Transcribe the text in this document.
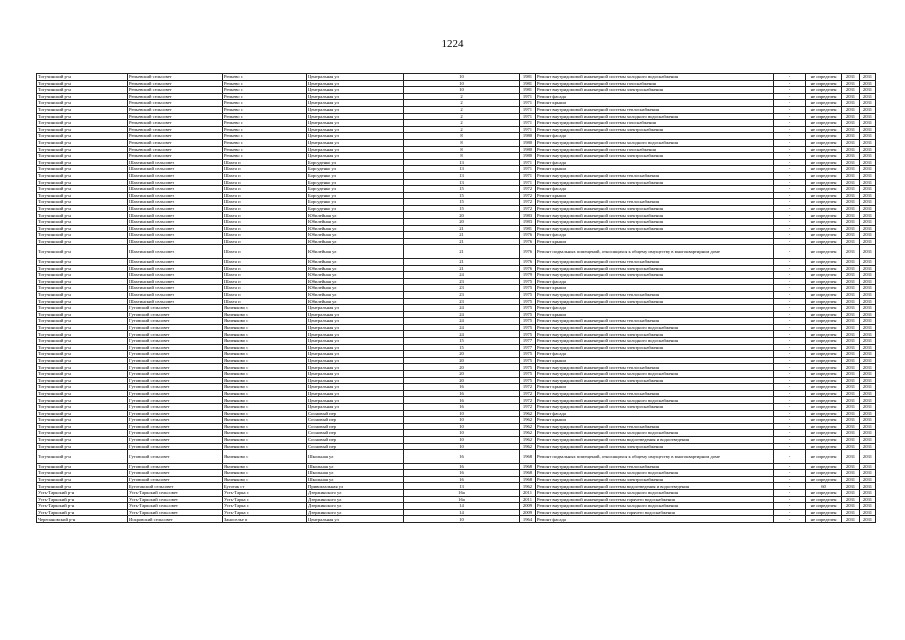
1224
Тогучинский р-н	Репьевский сельсовет	Репьево с	Центральная ул	10	1981	Ремонт внутридомовой инженерной системы холодного водоснабжения	-	не определен	2031	2031
Тогучинский р-н	Репьевский сельсовет	Репьево с	Центральная ул	10	1981	Ремонт внутридомовой инженерной системы газоснабжения	-	не определен	2031	2031
Тогучинский р-н	Репьевский сельсовет	Репьево с	Центральная ул	10	1981	Ремонт внутридомовой инженерной системы электроснабжения	-	не определен	2031	2031
Тогучинский р-н	Репьевский сельсовет	Репьево с	Центральная ул	2	1971	Ремонт фасада	-	не определен	2031	2031
Тогучинский р-н	Репьевский сельсовет	Репьево с	Центральная ул	2	1971	Ремонт крыши	-	не определен	2031	2031
Тогучинский р-н	Репьевский сельсовет	Репьево с	Центральная ул	2	1971	Ремонт внутридомовой инженерной системы теплоснабжения	-	не определен	2031	2031
Тогучинский р-н	Репьевский сельсовет	Репьево с	Центральная ул	2	1971	Ремонт внутридомовой инженерной системы холодного водоснабжения	-	не определен	2031	2031
Тогучинский р-н	Репьевский сельсовет	Репьево с	Центральная ул	2	1971	Ремонт внутридомовой инженерной системы газоснабжения	-	не определен	2031	2031
Тогучинский р-н	Репьевский сельсовет	Репьево с	Центральная ул	2	1971	Ремонт внутридомовой инженерной системы электроснабжения	-	не определен	2031	2031
Тогучинский р-н	Репьевский сельсовет	Репьево с	Центральная ул	8	1980	Ремонт фасада	-	не определен	2031	2031
Тогучинский р-н	Репьевский сельсовет	Репьево с	Центральная ул	8	1980	Ремонт внутридомовой инженерной системы холодного водоснабжения	-	не определен	2031	2031
Тогучинский р-н	Репьевский сельсовет	Репьево с	Центральная ул	8	1980	Ремонт внутридомовой инженерной системы газоснабжения	-	не определен	2031	2031
Тогучинский р-н	Репьевский сельсовет	Репьево с	Центральная ул	8	1980	Ремонт внутридомовой инженерной системы электроснабжения	-	не определен	2031	2031
Тогучинский р-н	Шахтинский сельсовет	Шахта п	Борсуденко ул	13	1971	Ремонт фасада	-	не определен	2031	2031
Тогучинский р-н	Шахтинский сельсовет	Шахта п	Борсуденко ул	13	1971	Ремонт крыши	-	не определен	2031	2031
Тогучинский р-н	Шахтинский сельсовет	Шахта п	Борсуденко ул	13	1971	Ремонт внутридомовой инженерной системы теплоснабжения	-	не определен	2031	2031
Тогучинский р-н	Шахтинский сельсовет	Шахта п	Борсуденко ул	13	1971	Ремонт внутридомовой инженерной системы электроснабжения	-	не определен	2031	2031
Тогучинский р-н	Шахтинский сельсовет	Шахта п	Борсуденко ул	15	1972	Ремонт фасада	-	не определен	2031	2031
Тогучинский р-н	Шахтинский сельсовет	Шахта п	Борсуденко ул	15	1972	Ремонт крыши	-	не определен	2031	2031
Тогучинский р-н	Шахтинский сельсовет	Шахта п	Борсуденко ул	15	1972	Ремонт внутридомовой инженерной системы теплоснабжения	-	не определен	2031	2031
Тогучинский р-н	Шахтинский сельсовет	Шахта п	Борсуденко ул	15	1972	Ремонт внутридомовой инженерной системы электроснабжения	-	не определен	2031	2031
Тогучинский р-н	Шахтинский сельсовет	Шахта п	Юбилейная ул	20	1983	Ремонт внутридомовой инженерной системы электроснабжения	-	не определен	2031	2031
Тогучинский р-н	Шахтинский сельсовет	Шахта п	Юбилейная ул	20	1983	Ремонт внутридомовой инженерной системы электроснабжения	-	не определен	2031	2031
Тогучинский р-н	Шахтинский сельсовет	Шахта п	Юбилейная ул	21	1981	Ремонт внутридомовой инженерной системы электроснабжения	-	не определен	2031	2031
Тогучинский р-н	Шахтинский сельсовет	Шахта п	Юбилейная ул	21	1976	Ремонт фасада	-	не определен	2031	2031
Тогучинский р-н	Шахтинский сельсовет	Шахта п	Юбилейная ул	21	1976	Ремонт крыши	-	не определен	2031	2031
Тогучинский р-н	Шахтинский сельсовет	Шахта п	Юбилейная ул	21	1976	Ремонт подвальных помещений, относящихся к общему имуществу в многоквартирном доме	-	не определен	2031	2031
Тогучинский р-н	Шахтинский сельсовет	Шахта п	Юбилейная ул	21	1976	Ремонт внутридомовой инженерной системы теплоснабжения	-	не определен	2031	2031
Тогучинский р-н	Шахтинский сельсовет	Шахта п	Юбилейная ул	21	1976	Ремонт внутридомовой инженерной системы электроснабжения	-	не определен	2031	2031
Тогучинский р-н	Шахтинский сельсовет	Шахта п	Юбилейная ул	24	1979	Ремонт внутридомовой инженерной системы электроснабжения	-	не определен	2031	2031
Тогучинский р-н	Шахтинский сельсовет	Шахта п	Юбилейная ул	23	1975	Ремонт фасада	-	не определен	2031	2031
Тогучинский р-н	Шахтинский сельсовет	Шахта п	Юбилейная ул	23	1975	Ремонт крыши	-	не определен	2031	2031
Тогучинский р-н	Шахтинский сельсовет	Шахта п	Юбилейная ул	23	1975	Ремонт внутридомовой инженерной системы теплоснабжения	-	не определен	2031	2031
Тогучинский р-н	Шахтинский сельсовет	Шахта п	Юбилейная ул	23	1975	Ремонт внутридомовой инженерной системы электроснабжения	-	не определен	2031	2031
Тогучинский р-н	Гутовский сельсовет	Янченково с	Центральная ул	24	1975	Ремонт фасада	-	не определен	2031	2031
Тогучинский р-н	Гутовский сельсовет	Янченково с	Центральная ул	24	1975	Ремонт крыши	-	не определен	2031	2031
Тогучинский р-н	Гутовский сельсовет	Янченково с	Центральная ул	24	1975	Ремонт внутридомовой инженерной системы теплоснабжения	-	не определен	2031	2031
Тогучинский р-н	Гутовский сельсовет	Янченково с	Центральная ул	24	1975	Ремонт внутридомовой инженерной системы холодного водоснабжения	-	не определен	2031	2031
Тогучинский р-н	Гутовский сельсовет	Янченково с	Центральная ул	24	1975	Ремонт внутридомовой инженерной системы электроснабжения	-	не определен	2031	2031
Тогучинский р-н	Гутовский сельсовет	Янченково с	Центральная ул	15	1977	Ремонт внутридомовой инженерной системы холодного водоснабжения	-	не определен	2031	2031
Тогучинский р-н	Гутовский сельсовет	Янченково с	Центральная ул	15	1977	Ремонт внутридомовой инженерной системы электроснабжения	-	не определен	2031	2031
Тогучинский р-н	Гутовский сельсовет	Янченково с	Центральная ул	20	1975	Ремонт фасада	-	не определен	2031	2031
Тогучинский р-н	Гутовский сельсовет	Янченково с	Центральная ул	20	1975	Ремонт крыши	-	не определен	2031	2031
Тогучинский р-н	Гутовский сельсовет	Янченково с	Центральная ул	20	1975	Ремонт внутридомовой инженерной системы теплоснабжения	-	не определен	2031	2031
Тогучинский р-н	Гутовский сельсовет	Янченково с	Центральная ул	20	1975	Ремонт внутридомовой инженерной системы холодного водоснабжения	-	не определен	2031	2031
Тогучинский р-н	Гутовский сельсовет	Янченково с	Центральная ул	20	1975	Ремонт внутридомовой инженерной системы электроснабжения	-	не определен	2031	2031
Тогучинский р-н	Гутовский сельсовет	Янченково с	Центральная ул	16	1972	Ремонт крыши	-	не определен	2031	2031
Тогучинский р-н	Гутовский сельсовет	Янченково с	Центральная ул	16	1972	Ремонт внутридомовой инженерной системы теплоснабжения	-	не определен	2031	2031
Тогучинский р-н	Гутовский сельсовет	Янченково с	Центральная ул	16	1972	Ремонт внутридомовой инженерной системы холодного водоснабжения	-	не определен	2031	2031
Тогучинский р-н	Гутовский сельсовет	Янченково с	Центральная ул	16	1972	Ремонт внутридомовой инженерной системы электроснабжения	-	не определен	2031	2031
Тогучинский р-н	Гутовский сельсовет	Янченково с	Сосновый пер	10	1962	Ремонт фасада	-	не определен	2031	2031
Тогучинский р-н	Гутовский сельсовет	Янченково с	Сосновый пер	10	1962	Ремонт крыши	-	не определен	2031	2031
Тогучинский р-н	Гутовский сельсовет	Янченково с	Сосновый пер	10	1962	Ремонт внутридомовой инженерной системы теплоснабжения	-	не определен	2031	2031
Тогучинский р-н	Гутовский сельсовет	Янченково с	Сосновый пер	10	1962	Ремонт внутридомовой инженерной системы холодного водоснабжения	-	не определен	2031	2031
Тогучинский р-н	Гутовский сельсовет	Янченково с	Сосновый пер	10	1962	Ремонт внутридомовой инженерной системы водоотведения и водоотведения	-	не определен	2031	2031
Тогучинский р-н	Гутовский сельсовет	Янченково с	Сосновый пер	10	1962	Ремонт внутридомовой инженерной системы электроснабжения	-	не определен	2031	2031
Тогучинский р-н	Гутовский сельсовет	Янченково с	Школьная ул	16	1968	Ремонт подвальных помещений, относящихся к общему имуществу в многоквартирном доме	-	не определен	2031	2031
Тогучинский р-н	Гутовский сельсовет	Янченково с	Школьная ул	16	1968	Ремонт внутридомовой инженерной системы теплоснабжения	-	не определен	2031	2031
Тогучинский р-н	Гутовский сельсовет	Янченково с	Школьная ул	16	1968	Ремонт внутридомовой инженерной системы холодного водоснабжения	-	не определен	2031	2031
Тогучинский р-н	Гутовский сельсовет	Янченково с	Школьная ул	16	1968	Ремонт внутридомовой инженерной системы электроснабжения	-	не определен	2031	2031
Тогучинский р-н	Буготакский сельсовет	Буготак ст	Привокзальная ул	13	1962	Ремонт внутридомовой инженерной системы водоотведения и водоотведения	-	60	2031	2031
Усть-Таркский р-н	Усть-Таркский сельсовет	Усть-Тарка с	Дзержинского ул	16а	2011	Ремонт внутридомовой инженерной системы холодного водоснабжения	-	не определен	2031	2031
Усть-Таркский р-н	Усть-Таркский сельсовет	Усть-Тарка с	Дзержинского ул	16а	2011	Ремонт внутридомовой инженерной системы горячего водоснабжения	-	не определен	2031	2031
Усть-Таркский р-н	Усть-Таркский сельсовет	Усть-Тарка с	Дзержинского ул	14	2009	Ремонт внутридомовой инженерной системы холодного водоснабжения	-	не определен	2031	2031
Усть-Таркский р-н	Усть-Таркский сельсовет	Усть-Тарка с	Дзержинского ул	14	2009	Ремонт внутридомовой инженерной системы горячего водоснабжения	-	не определен	2031	2031
Черепановский р-н	Искровский сельсовет	Заноселье п	Центральная ул	10	1964	Ремонт фасада	-	не определен	2031	2031
